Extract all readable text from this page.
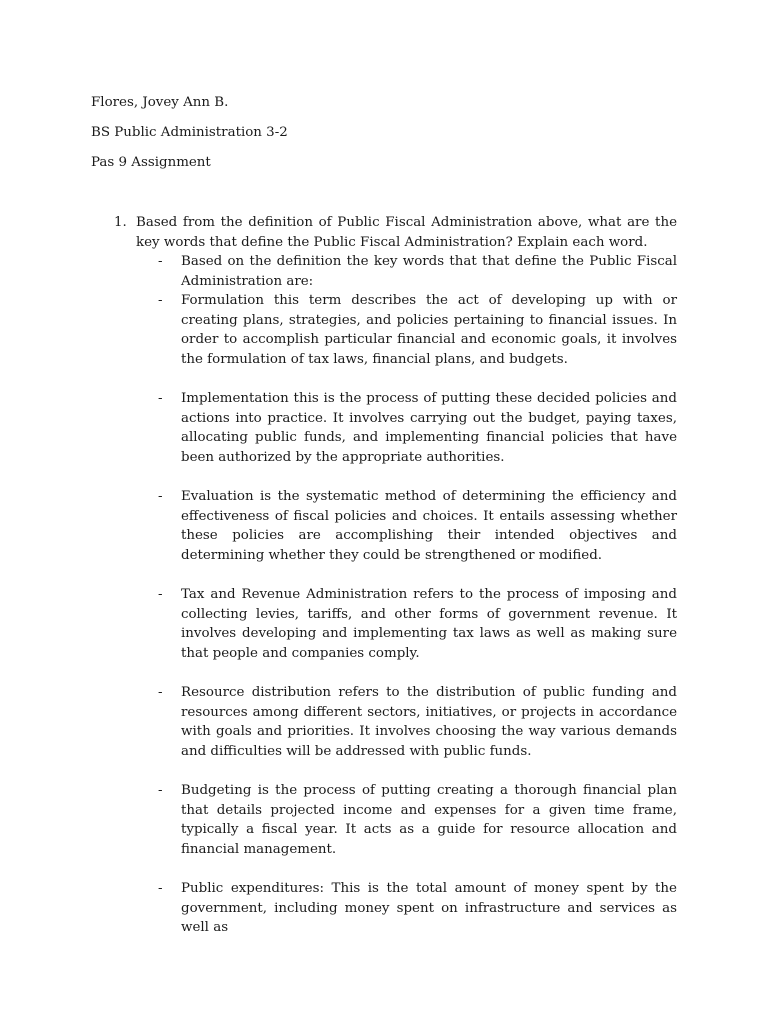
Flores, Jovey Ann B.
BS Public Administration 3-2
Pas 9 Assignment
1. Based from the definition of Public Fiscal Administration above, what are the key words that define the Public Fiscal Administration? Explain each word.
- Based on the definition the key words that that define the Public Fiscal Administration are:
- Formulation this term describes the act of developing up with or creating plans, strategies, and policies pertaining to financial issues. In order to accomplish particular financial and economic goals, it involves the formulation of tax laws, financial plans, and budgets.
- Implementation this is the process of putting these decided policies and actions into practice. It involves carrying out the budget, paying taxes, allocating public funds, and implementing financial policies that have been authorized by the appropriate authorities.
- Evaluation is the systematic method of determining the efficiency and effectiveness of fiscal policies and choices. It entails assessing whether these policies are accomplishing their intended objectives and determining whether they could be strengthened or modified.
- Tax and Revenue Administration refers to the process of imposing and collecting levies, tariffs, and other forms of government revenue. It involves developing and implementing tax laws as well as making sure that people and companies comply.
- Resource distribution refers to the distribution of public funding and resources among different sectors, initiatives, or projects in accordance with goals and priorities. It involves choosing the way various demands and difficulties will be addressed with public funds.
- Budgeting is the process of putting creating a thorough financial plan that details projected income and expenses for a given time frame, typically a fiscal year. It acts as a guide for resource allocation and financial management.
- Public expenditures: This is the total amount of money spent by the government, including money spent on infrastructure and services as well as
